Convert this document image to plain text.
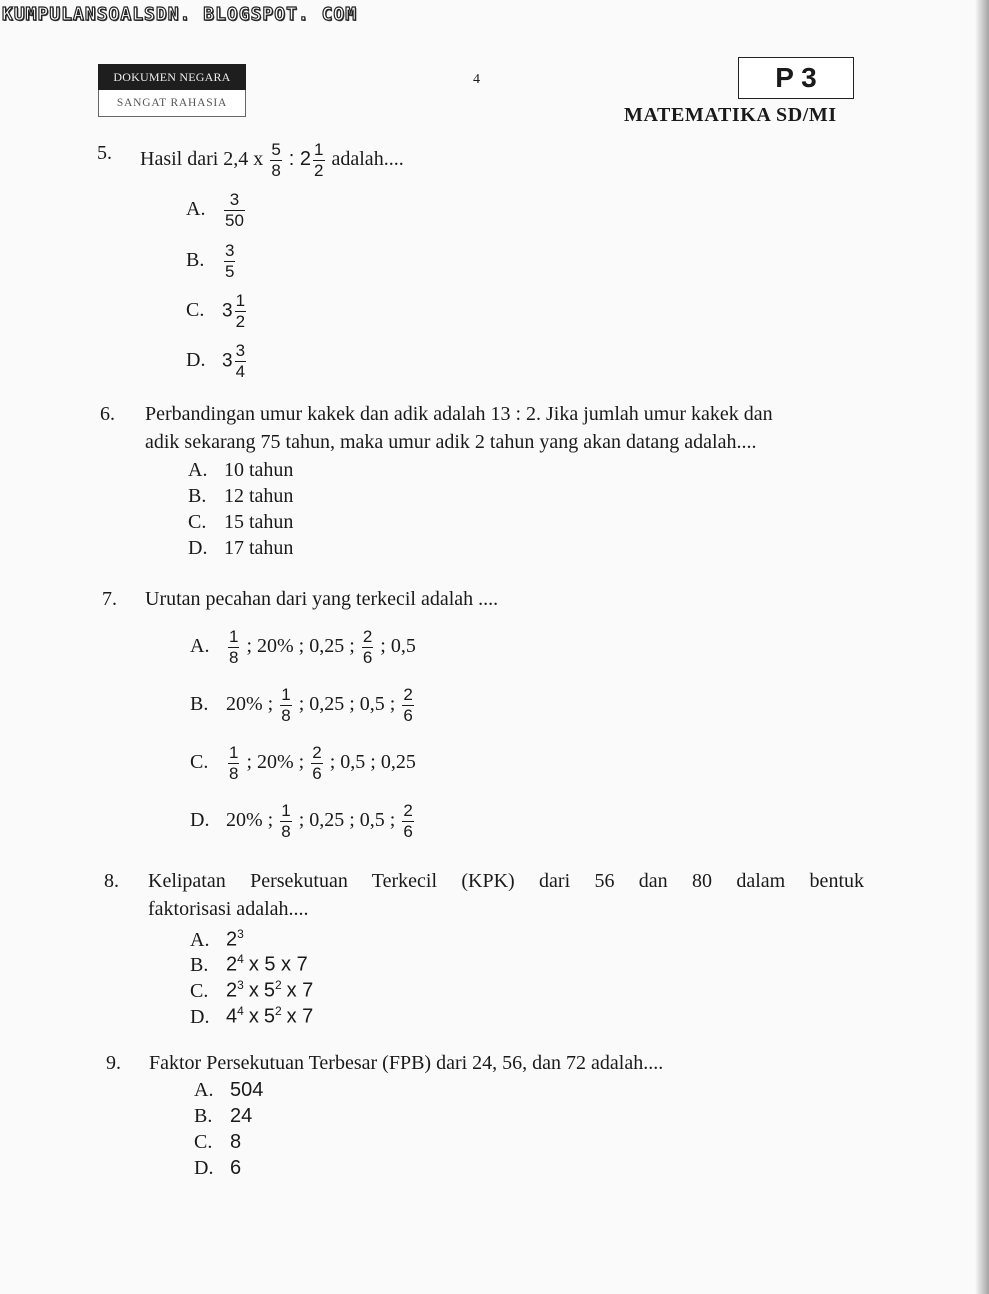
KUMPULANSOALSDN. BLOGSPOT. COM
DOKUMEN NEGARA
SANGAT RAHASIA
4	P 3
MATEMATIKA SD/MI
5. Hasil dari 2,4 x $\frac{5}{8}$ : $2 \frac{1}{2}$ adalah....
A. $\frac{3}{50}$
B. $\frac{3}{5}$
C. $3 \frac{1}{2}$
D. $3 \frac{3}{4}$
6. Perbandingan umur kakek dan adik adalah 13 : 2. Jika jumlah umur kakek dan
adik sekarang 75 tahun, maka umur adik 2 tahun yang akan datang adalah....
A. 10 tahun
B. 12 tahun
C. 15 tahun
D. 17 tahun
7. Urutan pecahan dari yang terkecil adalah ....
A. $\frac{1}{8}$ ; 20% ; 0,25 ; $\frac{2}{6}$ ; 0,5
B. 20% ; $\frac{1}{8}$ ; 0,25 ; 0,5 ; $\frac{2}{6}$
C. $\frac{1}{8}$ ; 20% ; $\frac{2}{6}$ ; 0,5 ; 0,25
D. 20% ; $\frac{1}{8}$ ; 0,25 ; 0,5 ; $\frac{2}{6}$
8. Kelipatan Persekutuan Terkecil (KPK) dari 56 dan 80 dalam bentuk
faktorisasi adalah....
A. $2^3$
B. $2^4$ x 5 x 7
C. $2^3$ x $5^2$ x 7
D. $4^4$ x $5^2$ x 7
9. Faktor Persekutuan Terbesar (FPB) dari 24, 56, dan 72 adalah....
A. 504
B. 24
C. 8
D. 6
